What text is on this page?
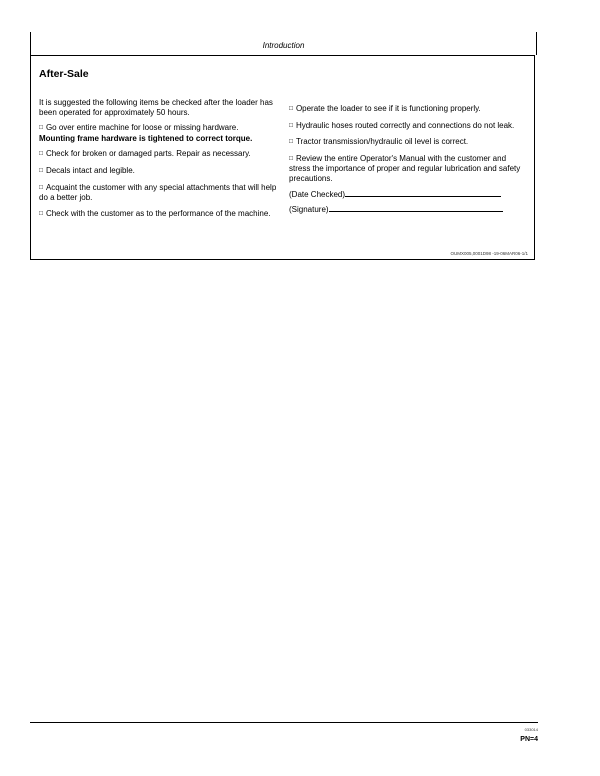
Introduction
After-Sale

It is suggested the following items be checked after the loader has been operated for approximately 50 hours.

□ Go over entire machine for loose or missing hardware.
Mounting frame hardware is tightened to correct torque.

□ Check for broken or damaged parts. Repair as necessary.

□ Decals intact and legible.

□ Acquaint the customer with any special attachments that will help do a better job.

□ Check with the customer as to the performance of the machine.

□ Operate the loader to see if it is functioning properly.

□ Hydraulic hoses routed correctly and connections do not leak.

□ Tractor transmission/hydraulic oil level is correct.

□ Review the entire Operator's Manual with the customer and stress the importance of proper and regular lubrication and safety precautions.

(Date Checked)

(Signature)

OUMX005,0001D98 -19-06MAR06-1/1
033014
PN=4
